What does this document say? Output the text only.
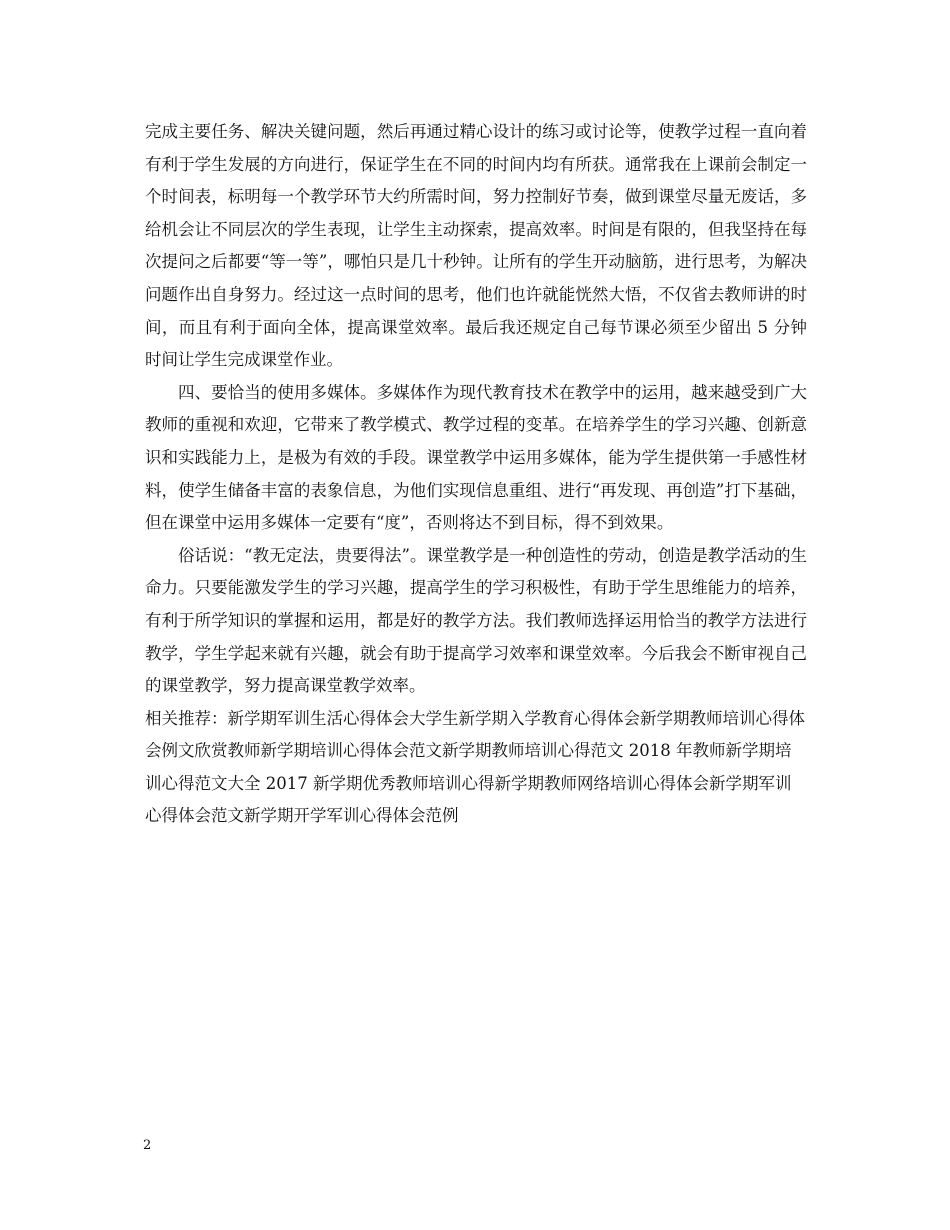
完成主要任务、解决关键问题，然后再通过精心设计的练习或讨论等，使教学过程一直向着有利于学生发展的方向进行，保证学生在不同的时间内均有所获。通常我在上课前会制定一个时间表，标明每一个教学环节大约所需时间，努力控制好节奏，做到课堂尽量无废话，多给机会让不同层次的学生表现，让学生主动探索，提高效率。时间是有限的，但我坚持在每次提问之后都要“等一等”，哪怕只是几十秒钟。让所有的学生开动脑筋，进行思考，为解决问题作出自身努力。经过这一点时间的思考，他们也许就能恍然大悟，不仅省去教师讲的时间，而且有利于面向全体，提高课堂效率。最后我还规定自己每节课必须至少留出 5 分钟时间让学生完成课堂作业。

四、要恰当的使用多媒体。多媒体作为现代教育技术在教学中的运用，越来越受到广大教师的重视和欢迎，它带来了教学模式、教学过程的变革。在培养学生的学习兴趣、创新意识和实践能力上，是极为有效的手段。课堂教学中运用多媒体，能为学生提供第一手感性材料，使学生储备丰富的表象信息，为他们实现信息重组、进行“再发现、再创造”打下基础，但在课堂中运用多媒体一定要有“度”，否则将达不到目标，得不到效果。

俗话说：“教无定法，贵要得法”。课堂教学是一种创造性的劳动，创造是教学活动的生命力。只要能激发学生的学习兴趣，提高学生的学习积极性，有助于学生思维能力的培养，有利于所学知识的掌握和运用，都是好的教学方法。我们教师选择运用恰当的教学方法进行教学，学生学起来就有兴趣，就会有助于提高学习效率和课堂效率。今后我会不断审视自己的课堂教学，努力提高课堂教学效率。

相关推荐：新学期军训生活心得体会大学生新学期入学教育心得体会新学期教师培训心得体会例文欣赏教师新学期培训心得体会范文新学期教师培训心得范文 2018 年教师新学期培训心得范文大全 2017 新学期优秀教师培训心得新学期教师网络培训心得体会新学期军训心得体会范文新学期开学军训心得体会范例

2
